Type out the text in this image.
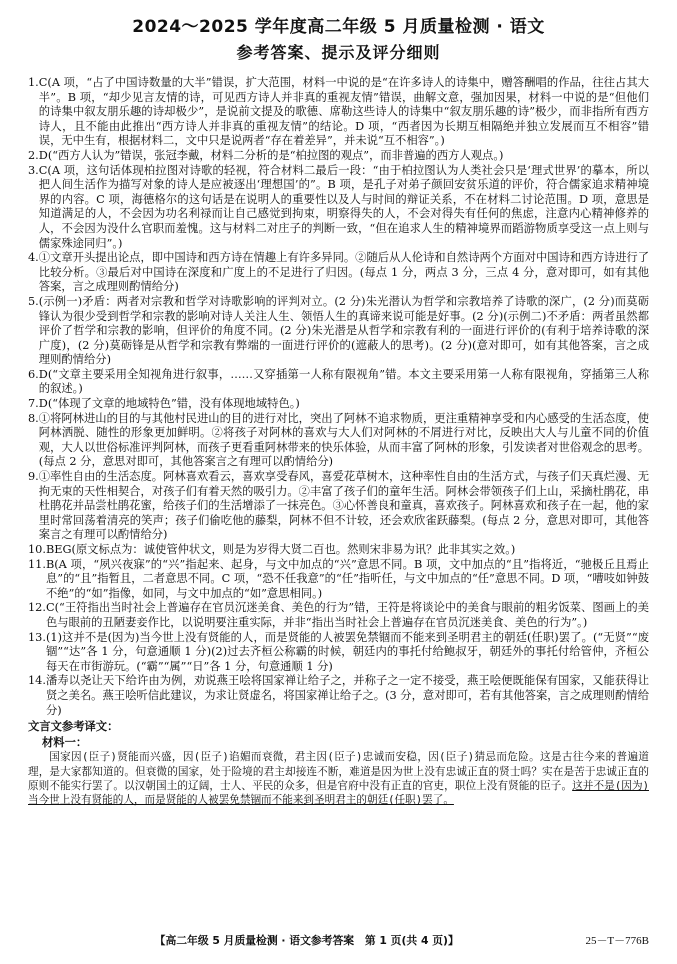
2024～2025 学年度高二年级 5 月质量检测 · 语文
参考答案、提示及评分细则
1. C(A 项，“占了中国诗数量的大半”错误，扩大范围，材料一中说的是“在许多诗人的诗集中，赠答酬唱的作品，往往占其大半”。B 项，“却少见言友情的诗，可见西方诗人并非真的重视友情”错误，曲解文意，强加因果，材料一中说的是“但他们的诗集中叙友朋乐趣的诗却极少”，是说前文提及的歌德、席勒这些诗人的诗集中“叙友朋乐趣的诗”极少，而非指所有西方诗人，且不能由此推出“西方诗人并非真的重视友情”的结论。D 项，“西者因为长期互相隔绝并独立发展而互不相容”错误，无中生有，根据材料二，文中只是说两者“存在着差异”，并未说“互不相容”。)

2. D(“西方人认为”错误，张冠李戴，材料二分析的是“柏拉图的观点”，而非普遍的西方人观点。)

3. C(A 项，这句话体现柏拉图对诗歌的轻视，符合材料二最后一段：“由于柏拉图认为人类社会只是‘理式世界’的摹本，所以把人间生活作为描写对象的诗人是应被逐出‘理想国’的”。B 项，是孔子对弟子颜回安贫乐道的评价，符合儒家追求精神境界的内容。C 项，海德格尔的这句话是在说明人的重要性以及人与时间的辩证关系，不在材料二讨论范围。D 项，意思是知道满足的人，不会因为功名利禄而让自己感觉到拘束，明察得失的人，不会对得失有任何的焦虑，注意内心精神修养的人，不会因为没什么官职而羞愧。这与材料二对庄子的判断一致，“但在追求人生的精神境界而蹈游物质享受这一点上则与儒家殊途同归”。)

4. ①文章开头提出论点，即中国诗和西方诗在情趣上有许多异同。②随后从人伦诗和自然诗两个方面对中国诗和西方诗进行了比较分析。③最后对中国诗在深度和广度上的不足进行了归因。(每点 1 分，两点 3 分，三点 4 分，意对即可，如有其他答案，言之成理则酌情给分)

5. (示例一)矛盾：两者对宗教和哲学对诗歌影响的评判对立。(2 分)朱光潜认为哲学和宗教培养了诗歌的深广，(2 分)而莫砺锋认为很少受到哲学和宗教的影响对诗人关注人生、领悟人生的真谛来说可能是好事。(2 分)(示例二)不矛盾：两者虽然都评价了哲学和宗教的影响，但评价的角度不同。(2 分)朱光潜是从哲学和宗教有利的一面进行评价的(有利于培养诗歌的深广度)，(2 分)莫砺锋是从哲学和宗教有弊端的一面进行评价的(遮蔽人的思考)。(2 分)(意对即可，如有其他答案，言之成理则酌情给分)

6. D(“文章主要采用全知视角进行叙事，……又穿插第一人称有限视角”错。本文主要采用第一人称有限视角，穿插第三人称的叙述。)

7. D(“体现了文章的地域特色”错，没有体现地域特色。)

8. ①将阿林进山的目的与其他村民进山的目的进行对比，突出了阿林不追求物质，更注重精神享受和内心感受的生活态度，使阿林洒脱、随性的形象更加鲜明。②将孩子对阿林的喜欢与大人们对阿林的不屑进行对比，反映出大人与儿童不同的价值观，大人以世俗标准评判阿林，而孩子更看重阿林带来的快乐体验，从而丰富了阿林的形象，引发读者对世俗观念的思考。(每点 2 分，意思对即可，其他答案言之有理可以酌情给分)

9. ①率性自由的生活态度。阿林喜欢看云，喜欢享受春风，喜爱花草树木，这种率性自由的生活方式，与孩子们天真烂漫、无拘无束的天性相契合，对孩子们有着天然的吸引力。②丰富了孩子们的童年生活。阿林会带领孩子们上山，采摘杜鹃花，串杜鹃花并品尝杜鹃花蜜，给孩子们的生活增添了一抹亮色。③心怀善良和童真，喜欢孩子。阿林喜欢和孩子在一起，他的家里时常回荡着清亮的笑声；孩子们偷吃他的藤梨，阿林不但不计较，还会欢欣雀跃藤梨。(每点 2 分，意思对即可，其他答案言之有理可以酌情给分)

10. BEG(原文标点为：诚使管仲状文，则是为岁得大贤二百也。然则宋非易为讯？此非其实之效。)

11. B(A 项，“夙兴夜寐”的“兴”指起来、起身，与文中加点的“兴”意思不同。B 项，文中加点的“且”指将近，“驰极丘且焉止息”的“且”指暂且，二者意思不同。C 项，“恐不任我意”的“任”指听任，与文中加点的“任”意思不同。D 项，“嘈吱如钟鼓不绝”的“如”指像，如同，与文中加点的“如”意思相同。)

12. C(“王符指出当时社会上普遍存在官员沉迷美食、美色的行为”错，王符是将谈论中的美食与眼前的粗劣饭菜、图画上的美色与眼前的丑陋妻妾作比，以说明要注重实际，并非“指出当时社会上普遍存在官员沉迷美食、美色的行为”。)

13. (1)这并不是(因为)当今世上没有贤能的人，而是贤能的人被罢免禁锢而不能来到圣明君主的朝廷(任职)罢了。(“无贤”“废锢”“达”各 1 分，句意通顺 1 分)(2)过去齐桓公称霸的时候，朝廷内的事托付给鲍叔牙，朝廷外的事托付给管仲，齐桓公每天在市街游玩。(“霸”“属”“日”各 1 分，句意通顺 1 分)

14. 潘寿以尧让天下给许由为例，劝说燕王哙将国家禅让给子之，并称子之一定不接受，燕王哙便既能保有国家，又能获得让贤之美名。燕王哙听信此建议，为求让贤虚名，将国家禅让给子之。(3 分，意对即可，若有其他答案，言之成理则酌情给分)

文言文参考译文：
材料一：

国家因(臣子)贤能而兴盛，因(臣子)谄媚而衰微，君主因(臣子)忠诚而安稳，因(臣子)猜忌而危险。这是古往今来的普遍道理，是大家都知道的。但衰微的国家，处于险境的君主却接连不断，难道是因为世上没有忠诚正直的贤士吗？实在是苦于忠诚正直的原则不能实行罢了。以汉朝国土的辽阔，士人、平民的众多，但是官府中没有正直的官吏，职位上没有贤能的臣子。这并不是(因为)当今世上没有贤能的人，而是贤能的人被罢免禁锢而不能来到圣明君主的朝廷(任职)罢了。

【高二年级 5 月质量检测 · 语文参考答案　第 1 页(共 4 页)】	25－T－776B
